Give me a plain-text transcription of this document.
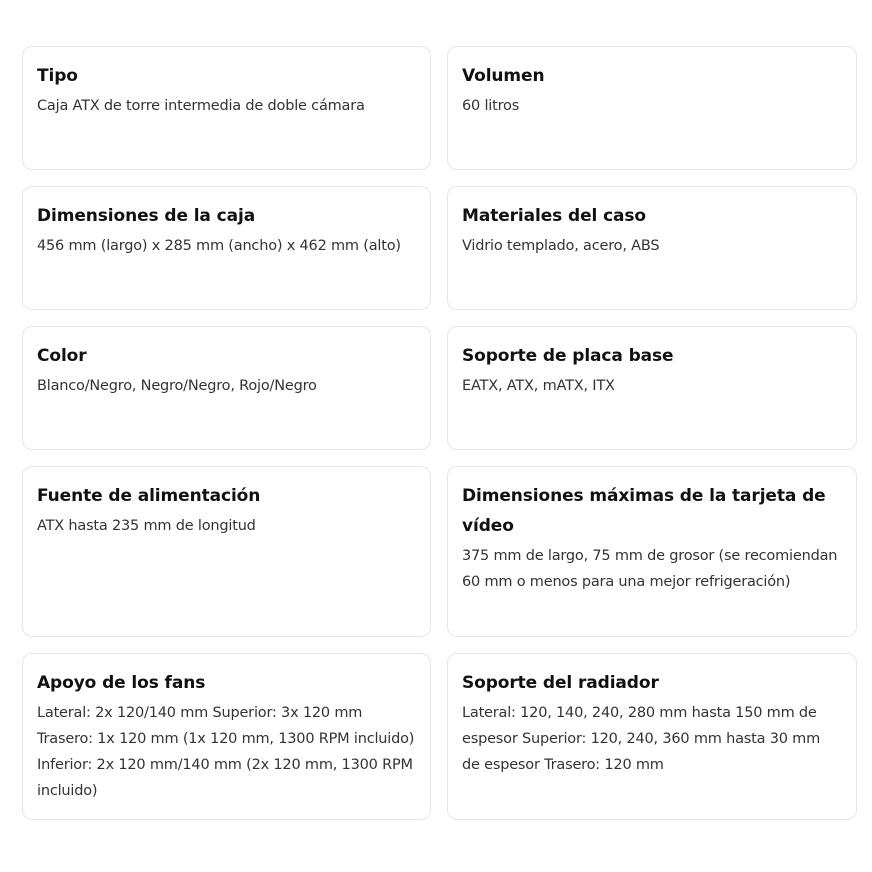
Tipo
Caja ATX de torre intermedia de doble cámara
Volumen
60 litros
Dimensiones de la caja
456 mm (largo) x 285 mm (ancho) x 462 mm (alto)
Materiales del caso
Vidrio templado, acero, ABS
Color
Blanco/Negro, Negro/Negro, Rojo/Negro
Soporte de placa base
EATX, ATX, mATX, ITX
Fuente de alimentación
ATX hasta 235 mm de longitud
Dimensiones máximas de la tarjeta de vídeo
375 mm de largo, 75 mm de grosor (se recomiendan 60 mm o menos para una mejor refrigeración)
Apoyo de los fans
Lateral: 2x 120/140 mm Superior: 3x 120 mm Trasero: 1x 120 mm (1x 120 mm, 1300 RPM incluido) Inferior: 2x 120 mm/140 mm (2x 120 mm, 1300 RPM incluido)
Soporte del radiador
Lateral: 120, 140, 240, 280 mm hasta 150 mm de espesor Superior: 120, 240, 360 mm hasta 30 mm de espesor Trasero: 120 mm
